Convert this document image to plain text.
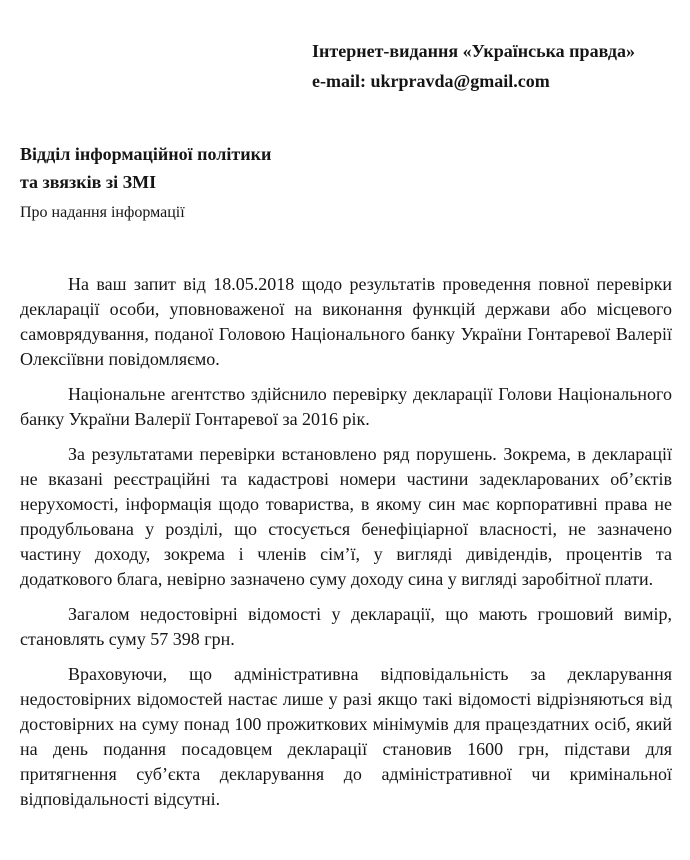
Інтернет-видання «Українська правда»
e-mail: ukrpravda@gmail.com
Відділ інформаційної політики
та звязків зі ЗМІ
Про надання інформації

На ваш запит від 18.05.2018 щодо результатів проведення повної перевірки декларації особи, уповноваженої на виконання функцій держави або місцевого самоврядування, поданої Головою Національного банку України Гонтаревої Валерії Олексіївни повідомляємо.

Національне агентство здійснило перевірку декларації Голови Національного банку України Валерії Гонтаревої за 2016 рік.

За результатами перевірки встановлено ряд порушень. Зокрема, в декларації не вказані реєстраційні та кадастрові номери частини задекларованих об’єктів нерухомості, інформація щодо товариства, в якому син має корпоративні права не продубльована у розділі, що стосується бенефіціарної власності, не зазначено частину доходу, зокрема і членів сім’ї, у вигляді дивідендів, процентів та додаткового блага, невірно зазначено суму доходу сина у вигляді заробітної плати.

Загалом недостовірні відомості у декларації, що мають грошовий вимір, становлять суму 57 398 грн.

Враховуючи, що адміністративна відповідальність за декларування недостовірних відомостей настає лише у разі якщо такі відомості відрізняються від достовірних на суму понад 100 прожиткових мінімумів для працездатних осіб, який на день подання посадовцем декларації становив 1600 грн, підстави для притягнення суб’єкта декларування до адміністративної чи кримінальної відповідальності відсутні.
